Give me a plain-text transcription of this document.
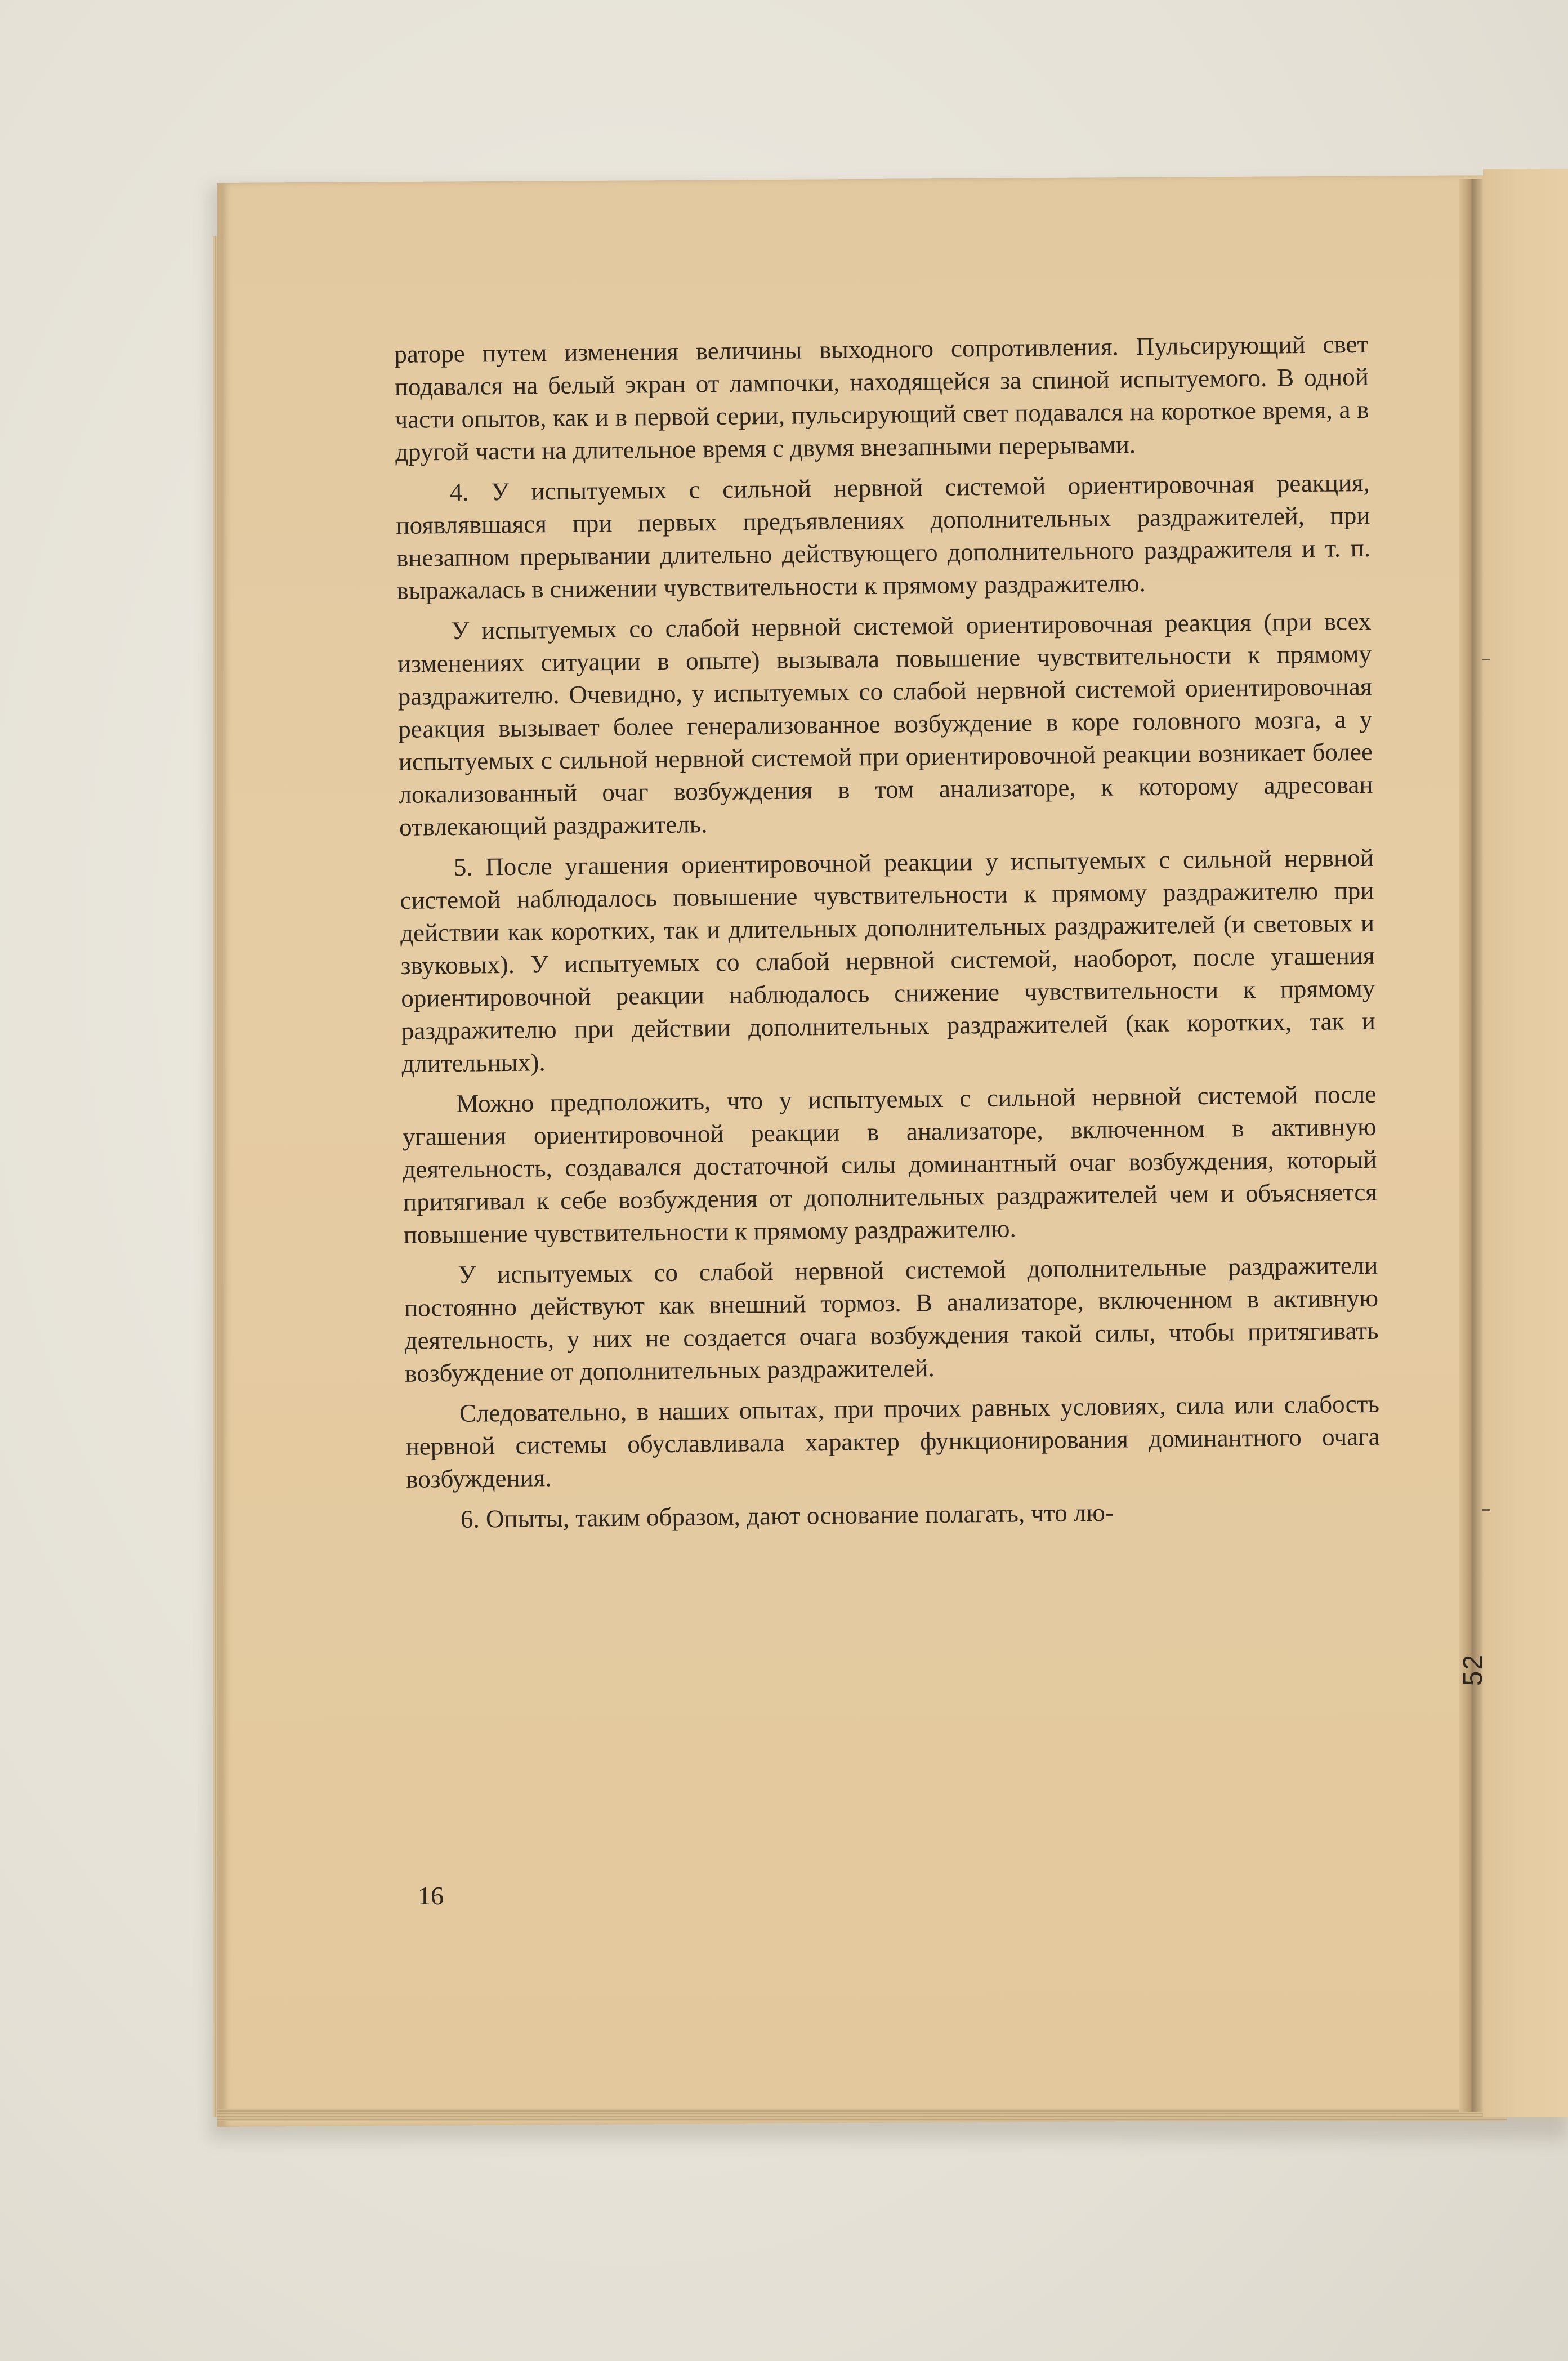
раторе путем изменения величины выходного сопротивления. Пульсирующий свет подавался на белый экран от лампочки, находящейся за спиной испытуемого. В одной части опытов, как и в первой серии, пульсирующий свет подавался на короткое время, а в другой части на длительное время с двумя внезапными перерывами.

4. У испытуемых с сильной нервной системой ориентировочная реакция, появлявшаяся при первых предъявлениях дополнительных раздражителей, при внезапном прерывании длительно действующего дополнительного раздражителя и т. п. выражалась в снижении чувствительности к прямому раздражителю.

У испытуемых со слабой нервной системой ориентировочная реакция (при всех изменениях ситуации в опыте) вызывала повышение чувствительности к прямому раздражителю. Очевидно, у испытуемых со слабой нервной системой ориентировочная реакция вызывает более генерализованное возбуждение в коре головного мозга, а у испытуемых с сильной нервной системой при ориентировочной реакции возникает более локализованный очаг возбуждения в том анализаторе, к которому адресован отвлекающий раздражитель.

5. После угашения ориентировочной реакции у испытуемых с сильной нервной системой наблюдалось повышение чувствительности к прямому раздражителю при действии как коротких, так и длительных дополнительных раздражителей (и световых и звуковых). У испытуемых со слабой нервной системой, наоборот, после угашения ориентировочной реакции наблюдалось снижение чувствительности к прямому раздражителю при действии дополнительных раздражителей (как коротких, так и длительных).

Можно предположить, что у испытуемых с сильной нервной системой после угашения ориентировочной реакции в анализаторе, включенном в активную деятельность, создавался достаточной силы доминантный очаг возбуждения, который притягивал к себе возбуждения от дополнительных раздражителей чем и объясняется повышение чувствительности к прямому раздражителю.

У испытуемых со слабой нервной системой дополнительные раздражители постоянно действуют как внешний тормоз. В анализаторе, включенном в активную деятельность, у них не создается очага возбуждения такой силы, чтобы притягивать возбуждение от дополнительных раздражителей.

Следовательно, в наших опытах, при прочих равных условиях, сила или слабость нервной системы обуславливала характер функционирования доминантного очага возбуждения.

6. Опыты, таким образом, дают основание полагать, что лю-

16
52
